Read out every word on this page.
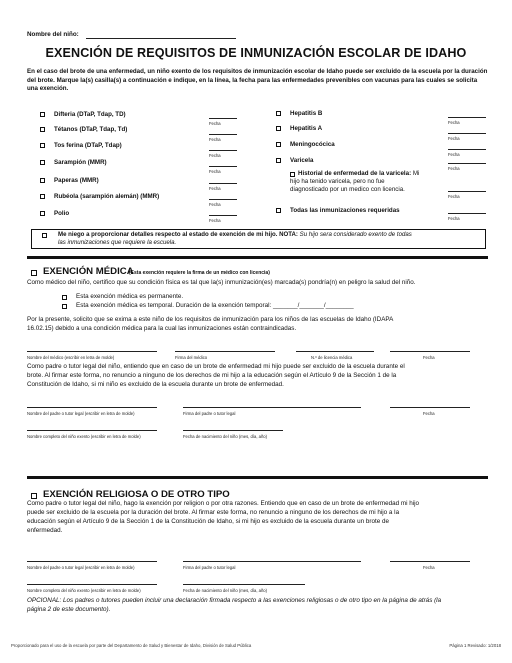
Nombre del niño:
EXENCIÓN DE REQUISITOS DE INMUNIZACIÓN ESCOLAR DE IDAHO
En el caso del brote de una enfermedad, un niño exento de los requisitos de inmunización escolar de Idaho puede ser excluido de la escuela por la duración del brote. Marque la(s) casilla(s) a continuación e indique, en la línea, la fecha para las enfermedades prevenibles con vacunas para las cuales se solicita una exención.
Difteria (DTaP, Tdap, TD)
Fecha
Tétanos (DTaP, Tdap, Td)
Fecha
Tos ferina (DTaP, Tdap)
Fecha
Sarampión (MMR)
Fecha
Paperas (MMR)
Fecha
Rubéola (sarampión alemán) (MMR)
Fecha
Polio
Fecha
Hepatitis B
Fecha
Hepatitis A
Fecha
Meningocócica
Fecha
Varicela
Fecha
Historial de enfermedad de la varicela: Mi
hijo ha tenido varicela, pero no fue
diagnosticado por un medico con licencia.
Fecha
Todas las inmunizaciones requeridas
Fecha
Me niego a proporcionar detalles respecto al estado de exención de mi hijo. NOTA: Su hijo sera considerado exento de todas
las inmunizaciones que requiere la escuela.
EXENCIÓN MÉDICA
(Esta exención requiere la firma de un médico con licencia)
Como médico del niño, certifico que su condición física es tal que la(s) inmunización(es) marcada(s) pondría(n) en peligro la salud del niño.
Esta exención médica es permanente.
Esta exención médica es temporal. Duración de la exención temporal: _______/_______/________
Por la presente, solicito que se exima a este niño de los requisitos de inmunización para los niños de las escuelas de Idaho (IDAPA
16.02.15) debido a una condición médica para la cual las inmunizaciones están contraindicadas.
Nombre del médico (escribir en letra de molde)	Firma del médico	N.º de licencia médica	Fecha
Como padre o tutor legal del niño, entiendo que en caso de un brote de enfermedad mi hijo puede ser excluido de la escuela durante el
brote. Al firmar este forma, no renuncio a ninguno de los derechos de mi hijo a la educación según el Artículo 9 de la Sección 1 de la
Constitución de Idaho, si mi niño es excluido de la escuela durante un brote de enfermedad.
Nombre del padre o tutor legal (escribir en letra de molde)	Firma del padre o tutor legal	Fecha
Nombre completo del niño exento (escribir en letra de molde)	Fecha de nacimiento del niño (mes, día, año)
EXENCIÓN RELIGIOSA O DE OTRO TIPO
Como padre o tutor legal del niño, hago la exención por religion o por otra razones. Entiendo que en caso de un brote de enfermedad mi hijo
puede ser excluido de la escuela por la duración del brote. Al firmar este forma, no renuncio a ninguno de los derechos de mi hijo a la
educación según el Artículo 9 de la Sección 1 de la Constitución de Idaho, si mi hijo es excluido de la escuela durante un brote de
enfermedad.
Nombre del padre o tutor legal (escribir en letra de molde)	Firma del padre o tutor legal	Fecha
Nombre completo del niño exento (escribir en letra de molde)	Fecha de nacimiento del niño (mes, día, año)
OPCIONAL: Los padres o tutores pueden incluir una declaración firmada respecto a las exenciones religiosas o de otro tipo en la página de atrás (la
página 2 de este documento).
Proporcionado para el uso de la escuela por parte del Departamento de Salud y Bienestar de Idaho, División de Salud Pública	Página 1 Revisado: 1/2018
